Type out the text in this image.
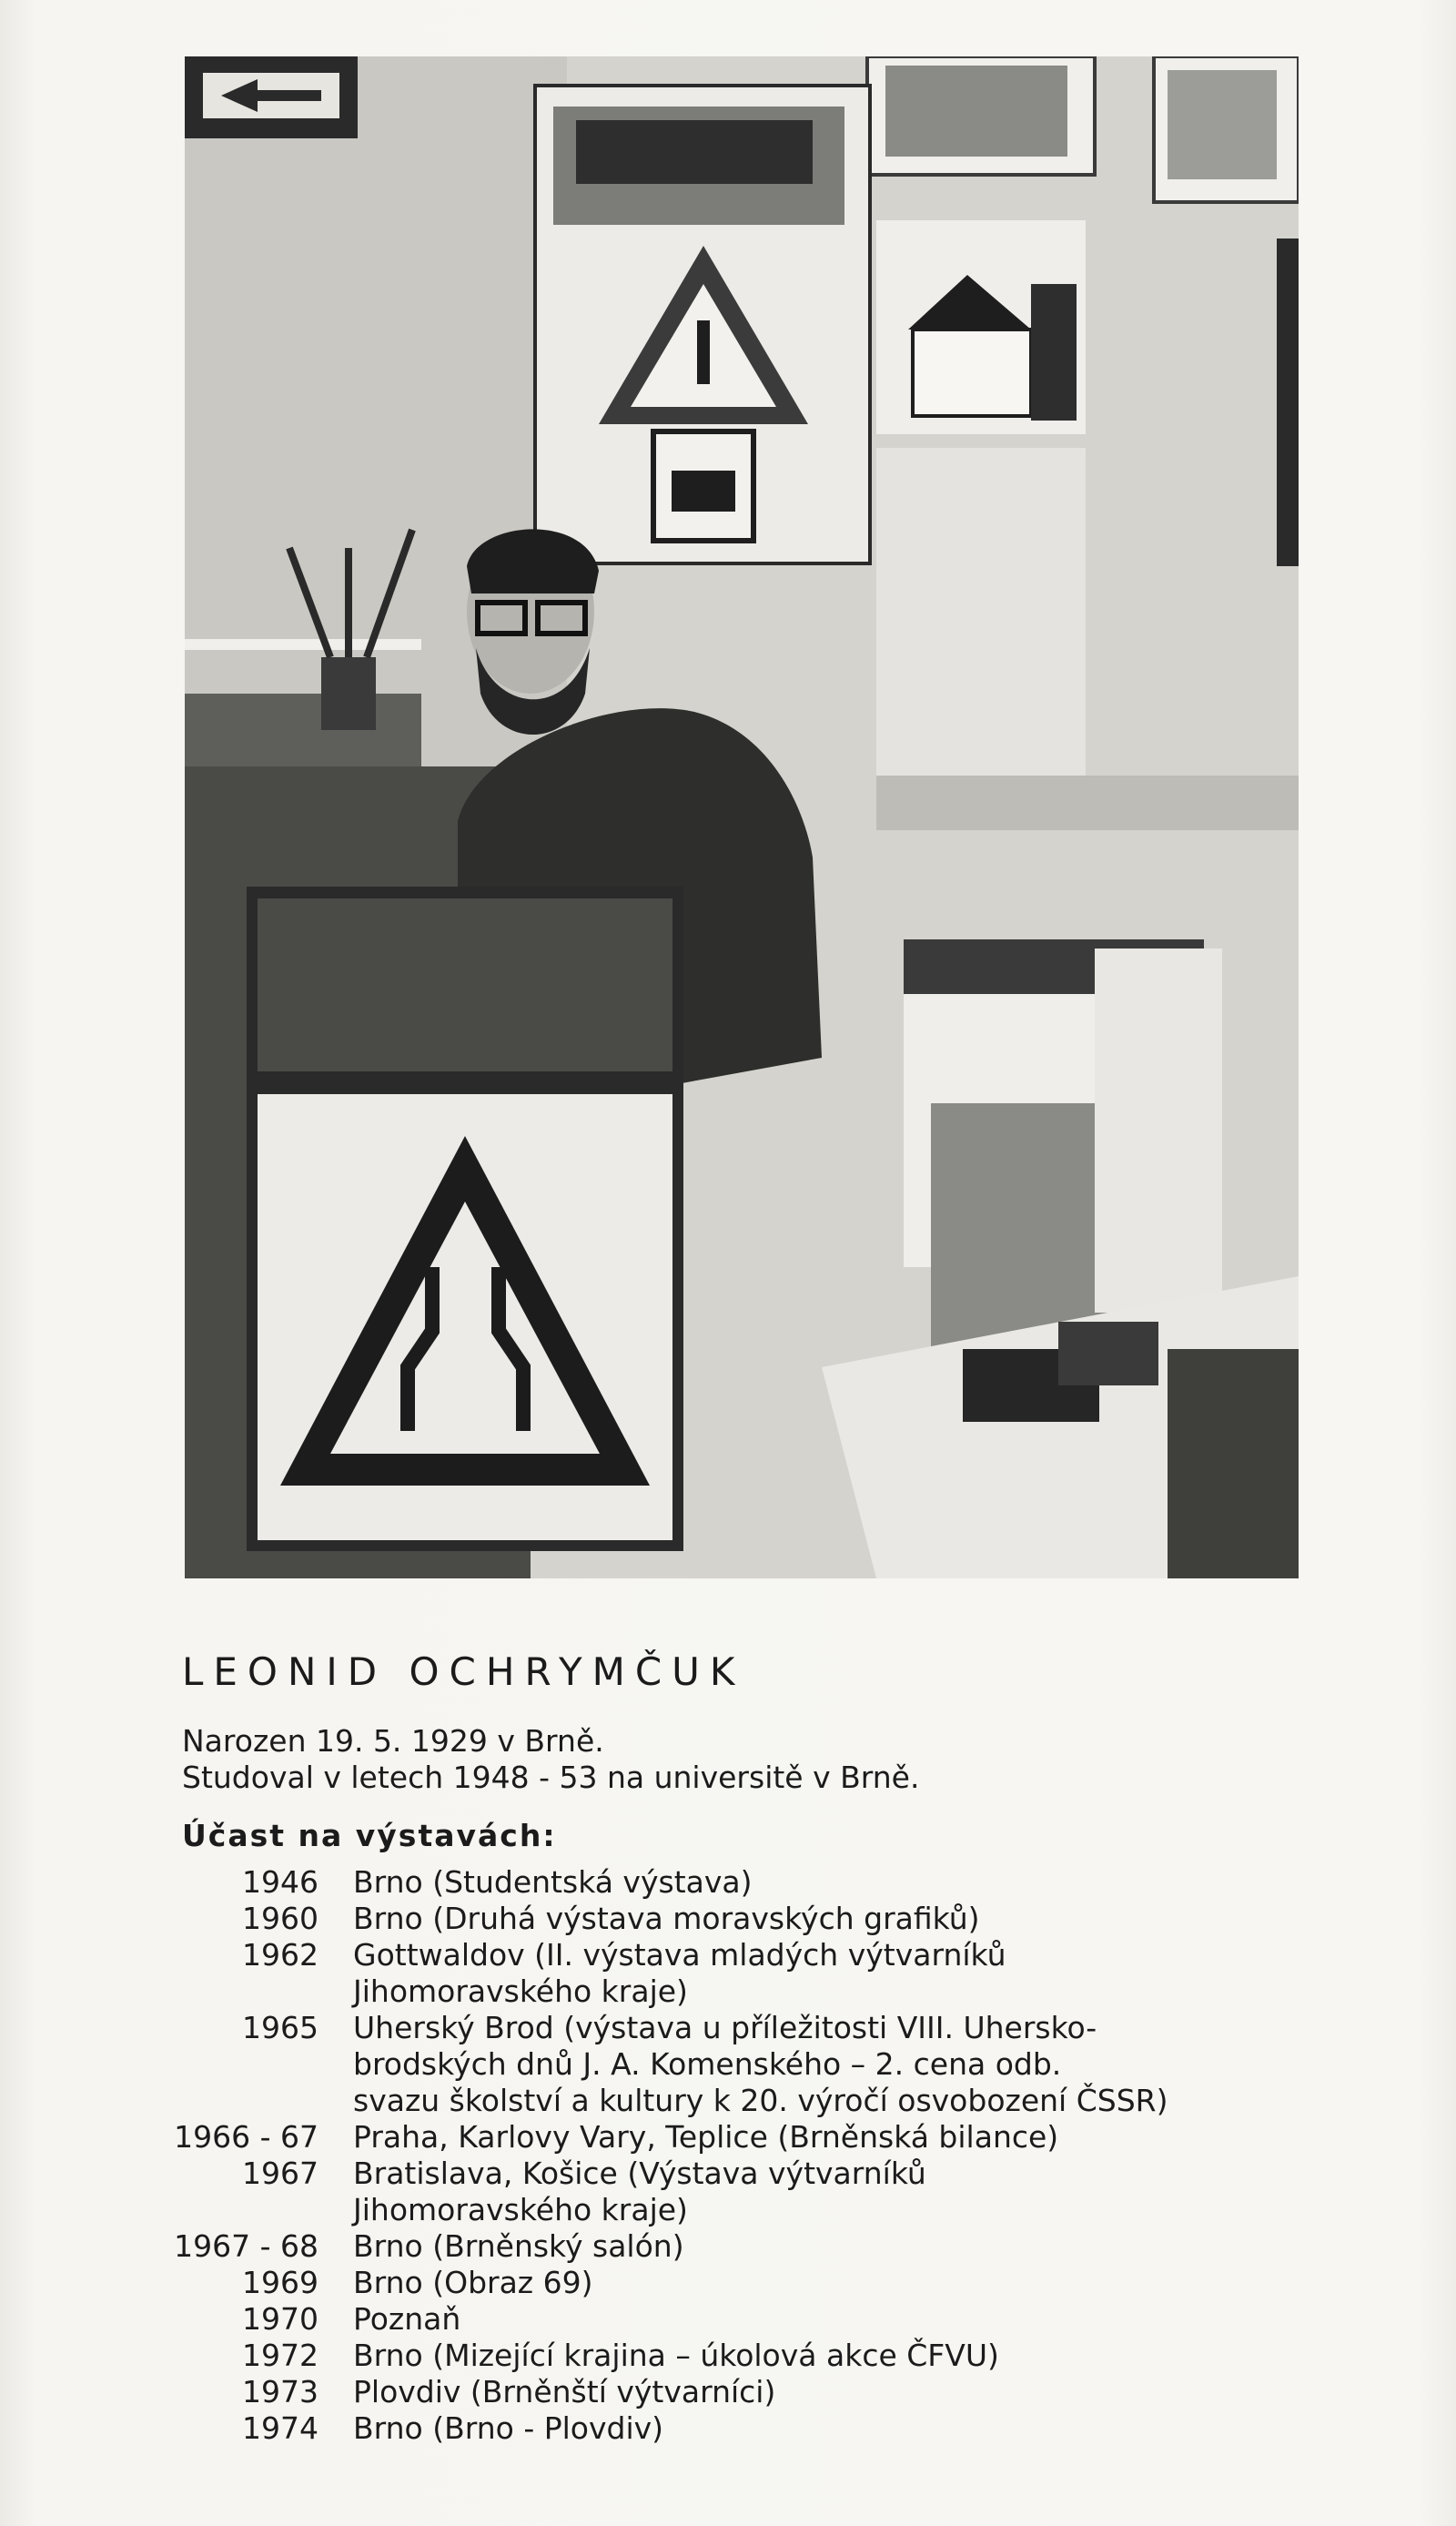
LEONID OCHRYMČUK
Narozen 19. 5. 1929 v Brně.
Studoval v letech 1948 - 53 na universitě v Brně.
Účast na výstavách:
1946	Brno (Studentská výstava)
1960	Brno (Druhá výstava moravských grafiků)
1962	Gottwaldov (II. výstava mladých výtvarníků
Jihomoravského kraje)
1965	Uherský Brod (výstava u příležitosti VIII. Uhersko-
brodských dnů J. A. Komenského – 2. cena odb.
svazu školství a kultury k 20. výročí osvobození ČSSR)
1966 - 67	Praha, Karlovy Vary, Teplice (Brněnská bilance)
1967	Bratislava, Košice (Výstava výtvarníků
Jihomoravského kraje)
1967 - 68	Brno (Brněnský salón)
1969	Brno (Obraz 69)
1970	Poznaň
1972	Brno (Mizející krajina – úkolová akce ČFVU)
1973	Plovdiv (Brněnští výtvarníci)
1974	Brno (Brno - Plovdiv)
